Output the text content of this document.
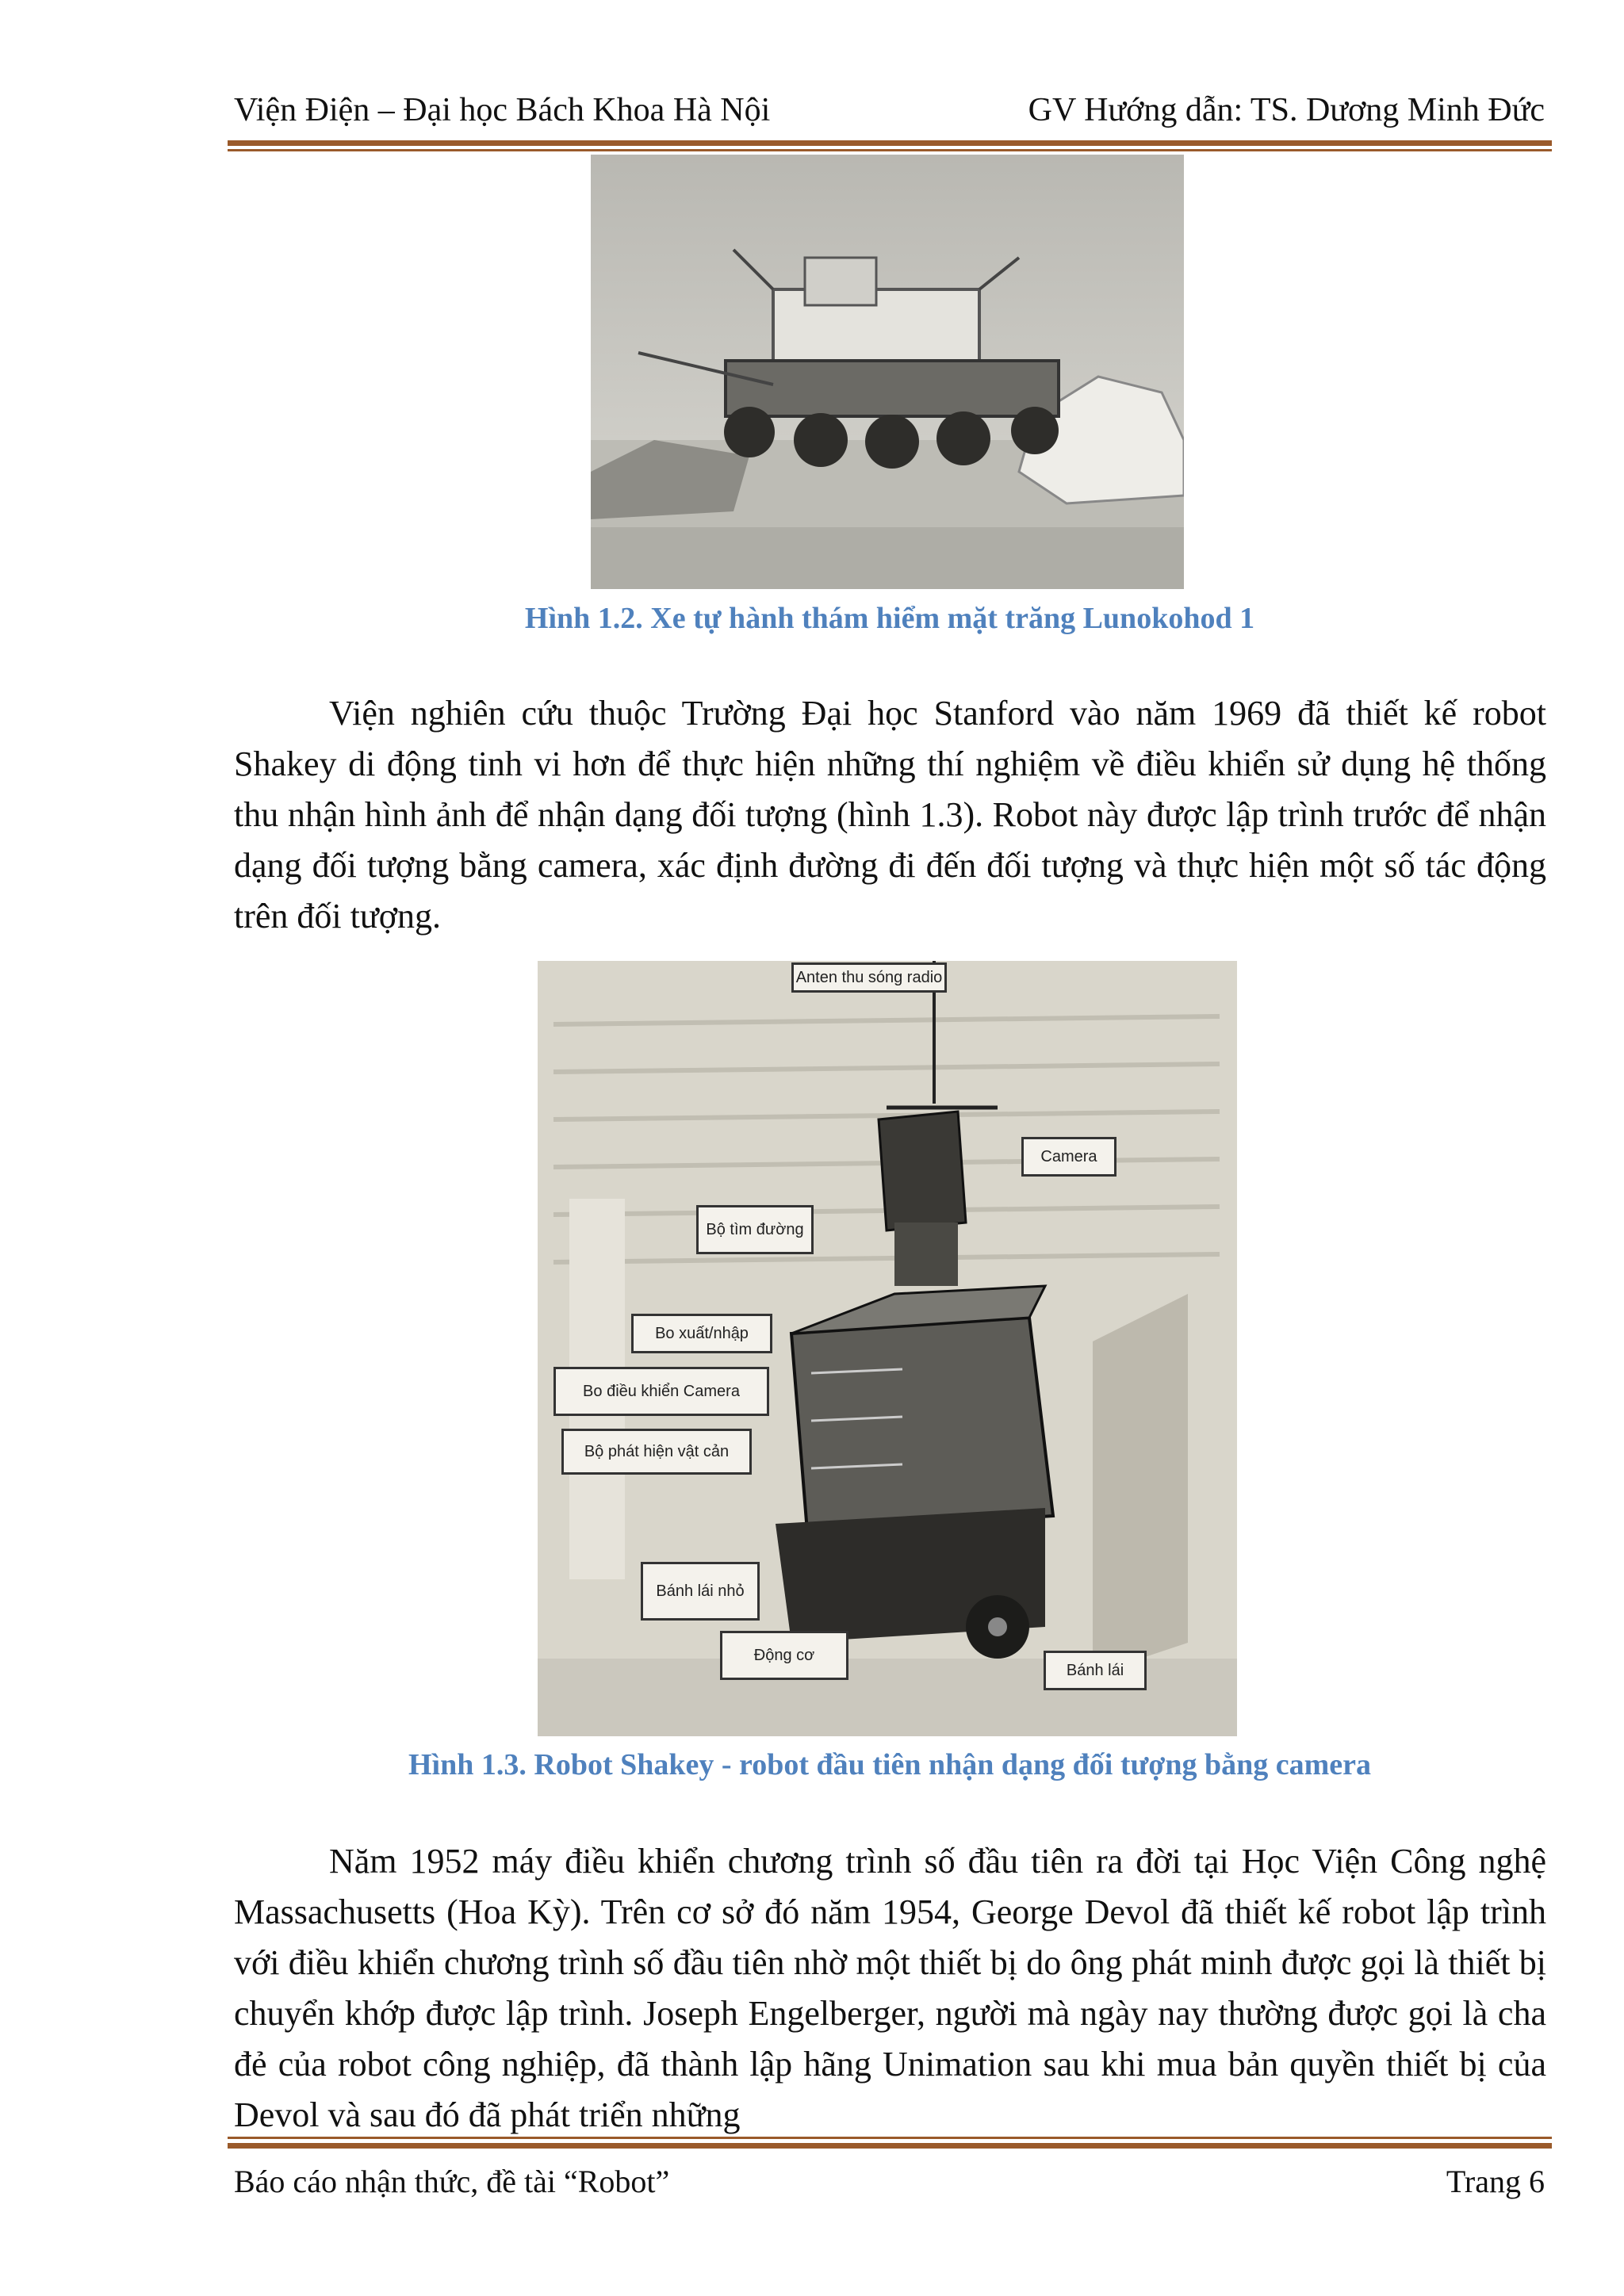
Viện Điện – Đại học Bách Khoa Hà Nội	GV Hướng dẫn: TS. Dương Minh Đức
Hình 1.2. Xe tự hành thám hiểm mặt trăng Lunokohod 1

Viện nghiên cứu thuộc Trường Đại học Stanford vào năm 1969 đã thiết kế robot Shakey di động tinh vi hơn để thực hiện những thí nghiệm về điều khiển sử dụng hệ thống thu nhận hình ảnh để nhận dạng đối tượng (hình 1.3). Robot này được lập trình trước để nhận dạng đối tượng bằng camera, xác định đường đi đến đối tượng và thực hiện một số tác động trên đối tượng.

Anten thu sóng radio
Camera
Bộ tìm đường
Bo xuất/nhập
Bo điều khiển Camera
Bộ phát hiện vật cản
Bánh lái nhỏ
Động cơ
Bánh lái
Hình 1.3. Robot Shakey - robot đầu tiên nhận dạng đối tượng bằng camera

Năm 1952 máy điều khiển chương trình số đầu tiên ra đời tại Học Viện Công nghệ Massachusetts (Hoa Kỳ). Trên cơ sở đó năm 1954, George Devol đã thiết kế robot lập trình với điều khiển chương trình số đầu tiên nhờ một thiết bị do ông phát minh được gọi là thiết bị chuyển khớp được lập trình. Joseph Engelberger, người mà ngày nay thường được gọi là cha đẻ của robot công nghiệp, đã thành lập hãng Unimation sau khi mua bản quyền thiết bị của Devol và sau đó đã phát triển những

Báo cáo nhận thức, đề tài “Robot”	Trang 6
